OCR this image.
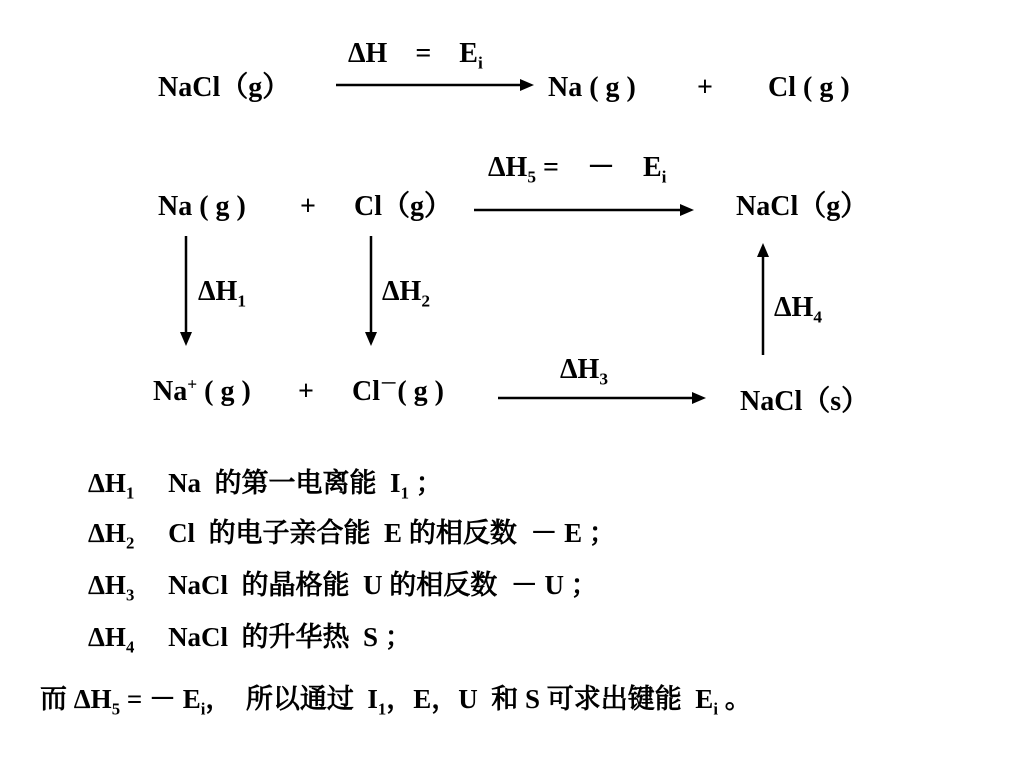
NaCl（g）
ΔH　=　$E_i$
Na ( g ) + Cl ( g )
Na ( g ) + Cl（g）
$\Delta H_5$ =　－　$E_i$
NaCl（g）
$\Delta H_1$	$\Delta H_2$	$\Delta H_4$
Na+ ( g ) + Cl－( g )
$\Delta H_3$
NaCl（s）
$\Delta H_1$　 Na  的第一电离能  $I_1$ ；
$\Delta H_2$　 Cl  的电子亲合能  E 的相反数  － E ；
$\Delta H_3$　 NaCl  的晶格能  U 的相反数  － U ；
$\Delta H_4$　 NaCl  的升华热  S ；
而 $\Delta H_5$ = － $E_i$，  所以通过  $I_1$，E，U  和 S 可求出键能  $E_i$ 。
